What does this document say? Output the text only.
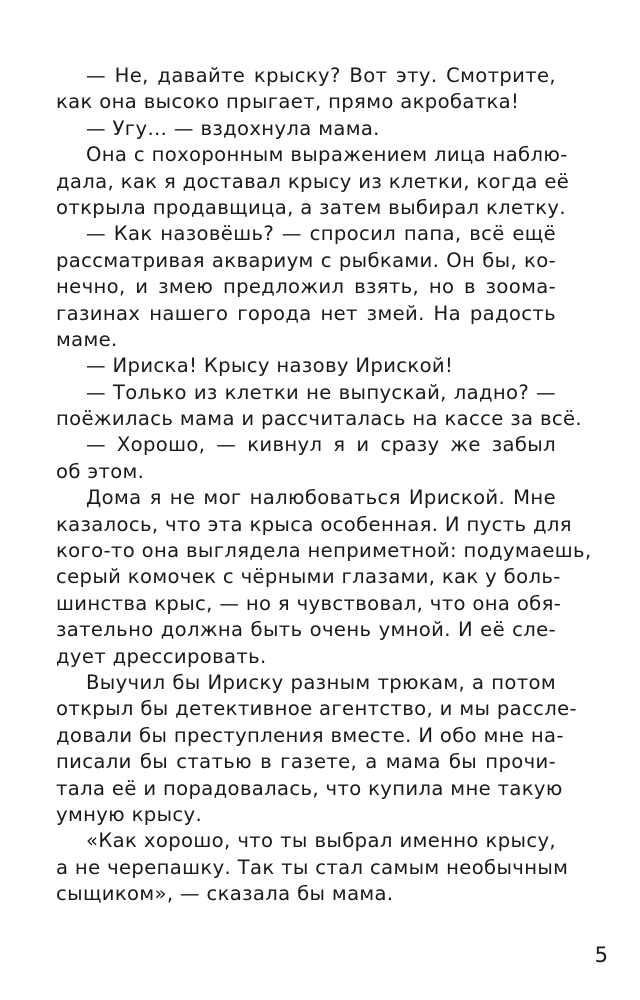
— Не, давайте крыску? Вот эту. Смотрите,
как она высоко прыгает, прямо акробатка!
— Угу… — вздохнула мама.
Она с похоронным выражением лица наблю-
дала, как я доставал крысу из клетки, когда её
открыла продавщица, а затем выбирал клетку.
— Как назовёшь? — спросил папа, всё ещё
рассматривая аквариум с рыбками. Он бы, ко-
нечно, и змею предложил взять, но в зоома-
газинах нашего города нет змей. На радость
маме.
— Ириска! Крысу назову Ириской!
— Только из клетки не выпускай, ладно? —
поёжилась мама и рассчиталась на кассе за всё.
— Хорошо, — кивнул я и сразу же забыл
об этом.
Дома я не мог налюбоваться Ириской. Мне
казалось, что эта крыса особенная. И пусть для
кого-то она выглядела неприметной: подумаешь,
серый комочек с чёрными глазами, как у боль-
шинства крыс, — но я чувствовал, что она обя-
зательно должна быть очень умной. И её сле-
дует дрессировать.
Выучил бы Ириску разным трюкам, а потом
открыл бы детективное агентство, и мы рассле-
довали бы преступления вместе. И обо мне на-
писали бы статью в газете, а мама бы прочи-
тала её и порадовалась, что купила мне такую
умную крысу.
«Как хорошо, что ты выбрал именно крысу,
а не черепашку. Так ты стал самым необычным
сыщиком», — сказала бы мама.
5
